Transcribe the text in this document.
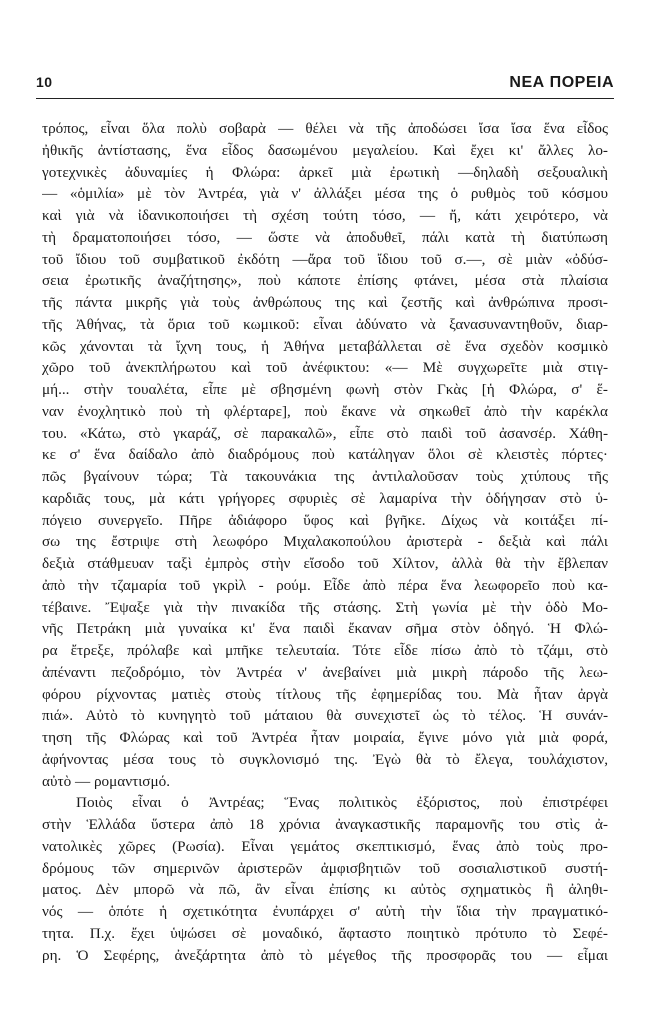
10	ΝΕΑ ΠΟΡΕΙΑ
τρόπος, εἶναι ὅλα πολὺ σοβαρὰ — θέλει νὰ τῆς ἀποδώσει ἴσα ἴσα ἕνα εἶδος
ἠθικῆς ἀντίστασης, ἕνα εἶδος δασωμένου μεγαλείου. Καὶ ἔχει κι' ἄλλες λο-
γοτεχνικὲς ἀδυναμίες ἡ Φλώρα: ἀρκεῖ μιὰ ἐρωτικὴ —δηλαδὴ σεξουαλικὴ
— «ὁμιλία» μὲ τὸν Ἀντρέα, γιὰ ν' ἀλλάξει μέσα της ὁ ρυθμὸς τοῦ κόσμου
καὶ γιὰ νὰ ἰδανικοποιήσει τὴ σχέση τούτη τόσο, — ἤ, κάτι χειρότερο, νὰ
τὴ δραματοποιήσει τόσο, — ὥστε νὰ ἀποδυθεῖ, πάλι κατὰ τὴ διατύπωση
τοῦ ἴδιου τοῦ συμβατικοῦ ἐκδότη —ἄρα τοῦ ἴδιου τοῦ σ.—, σὲ μιὰν «ὀδύσ-
σεια ἐρωτικῆς ἀναζήτησης», ποὺ κάποτε ἐπίσης φτάνει, μέσα στὰ πλαίσια
τῆς πάντα μικρῆς γιὰ τοὺς ἀνθρώπους της καὶ ζεστῆς καὶ ἀνθρώπινα προσι-
τῆς Ἀθήνας, τὰ ὅρια τοῦ κωμικοῦ: εἶναι ἀδύνατο νὰ ξανασυναντηθοῦν, διαρ-
κῶς χάνονται τὰ ἴχνη τους, ἡ Ἀθήνα μεταβάλλεται σὲ ἕνα σχεδὸν κοσμικὸ
χῶρο τοῦ ἀνεκπλήρωτου καὶ τοῦ ἀνέφικτου: «— Μὲ συγχωρεῖτε μιὰ στιγ-
μή... στὴν τουαλέτα, εἶπε μὲ σβησμένη φωνὴ στὸν Γκὰς [ἡ Φλώρα, σ' ἕ-
ναν ἐνοχλητικὸ ποὺ τὴ φλέρταρε], ποὺ ἔκανε νὰ σηκωθεῖ ἀπὸ τὴν καρέκλα
του. «Κάτω, στὸ γκαράζ, σὲ παρακαλῶ», εἶπε στὸ παιδὶ τοῦ ἀσανσέρ. Χάθη-
κε σ' ἕνα δαίδαλο ἀπὸ διαδρόμους ποὺ κατάληγαν ὅλοι σὲ κλειστὲς πόρτες·
πῶς βγαίνουν τώρα; Τὰ τακουνάκια της ἀντιλαλοῦσαν τοὺς χτύπους τῆς
καρδιᾶς τους, μὰ κάτι γρήγορες σφυριὲς σὲ λαμαρίνα τὴν ὁδήγησαν στὸ ὑ-
πόγειο συνεργεῖο. Πῆρε ἀδιάφορο ὕφος καὶ βγῆκε. Δίχως νὰ κοιτάξει πί-
σω της ἔστριψε στὴ λεωφόρο Μιχαλακοπούλου ἀριστερὰ - δεξιὰ καὶ πάλι
δεξιὰ στάθμευαν ταξὶ ἐμπρὸς στὴν εἴσοδο τοῦ Χίλτον, ἀλλὰ θὰ τὴν ἔβλεπαν
ἀπὸ τὴν τζαμαρία τοῦ γκρὶλ - ρούμ. Εἶδε ἀπὸ πέρα ἕνα λεωφορεῖο ποὺ κα-
τέβαινε. Ἔψαξε γιὰ τὴν πινακίδα τῆς στάσης. Στὴ γωνία μὲ τὴν ὁδὸ Μο-
νῆς Πετράκη μιὰ γυναίκα κι' ἕνα παιδὶ ἔκαναν σῆμα στὸν ὁδηγό. Ἡ Φλώ-
ρα ἔτρεξε, πρόλαβε καὶ μπῆκε τελευταία. Τότε εἶδε πίσω ἀπὸ τὸ τζάμι, στὸ
ἀπέναντι πεζοδρόμιο, τὸν Ἀντρέα ν' ἀνεβαίνει μιὰ μικρὴ πάροδο τῆς λεω-
φόρου ρίχνοντας ματιὲς στοὺς τίτλους τῆς ἐφημερίδας του. Μὰ ἦταν ἀργὰ
πιά». Αὐτὸ τὸ κυνηγητὸ τοῦ μάταιου θὰ συνεχιστεῖ ὡς τὸ τέλος. Ἡ συνάν-
τηση τῆς Φλώρας καὶ τοῦ Ἀντρέα ἦταν μοιραία, ἔγινε μόνο γιὰ μιὰ φορά,
ἀφήνοντας μέσα τους τὸ συγκλονισμό της. Ἐγὼ θὰ τὸ ἔλεγα, τουλάχιστον,
αὐτὸ — ρομαντισμό.
Ποιὸς εἶναι ὁ Ἀντρέας; Ἕνας πολιτικὸς ἐξόριστος, ποὺ ἐπιστρέφει
στὴν Ἑλλάδα ὕστερα ἀπὸ 18 χρόνια ἀναγκαστικῆς παραμονῆς του στὶς ἀ-
νατολικὲς χῶρες (Ρωσία). Εἶναι γεμάτος σκεπτικισμό, ἕνας ἀπὸ τοὺς προ-
δρόμους τῶν σημερινῶν ἀριστερῶν ἀμφισβητιῶν τοῦ σοσιαλιστικοῦ συστή-
ματος. Δὲν μπορῶ νὰ πῶ, ἂν εἶναι ἐπίσης κι αὐτὸς σχηματικὸς ἢ ἀληθι-
νός — ὁπότε ἡ σχετικότητα ἐνυπάρχει σ' αὐτὴ τὴν ἴδια τὴν πραγματικό-
τητα. Π.χ. ἔχει ὑψώσει σὲ μοναδικό, ἄφταστο ποιητικὸ πρότυπο τὸ Σεφέ-
ρη. Ὁ Σεφέρης, ἀνεξάρτητα ἀπὸ τὸ μέγεθος τῆς προσφορᾶς του — εἶμαι
